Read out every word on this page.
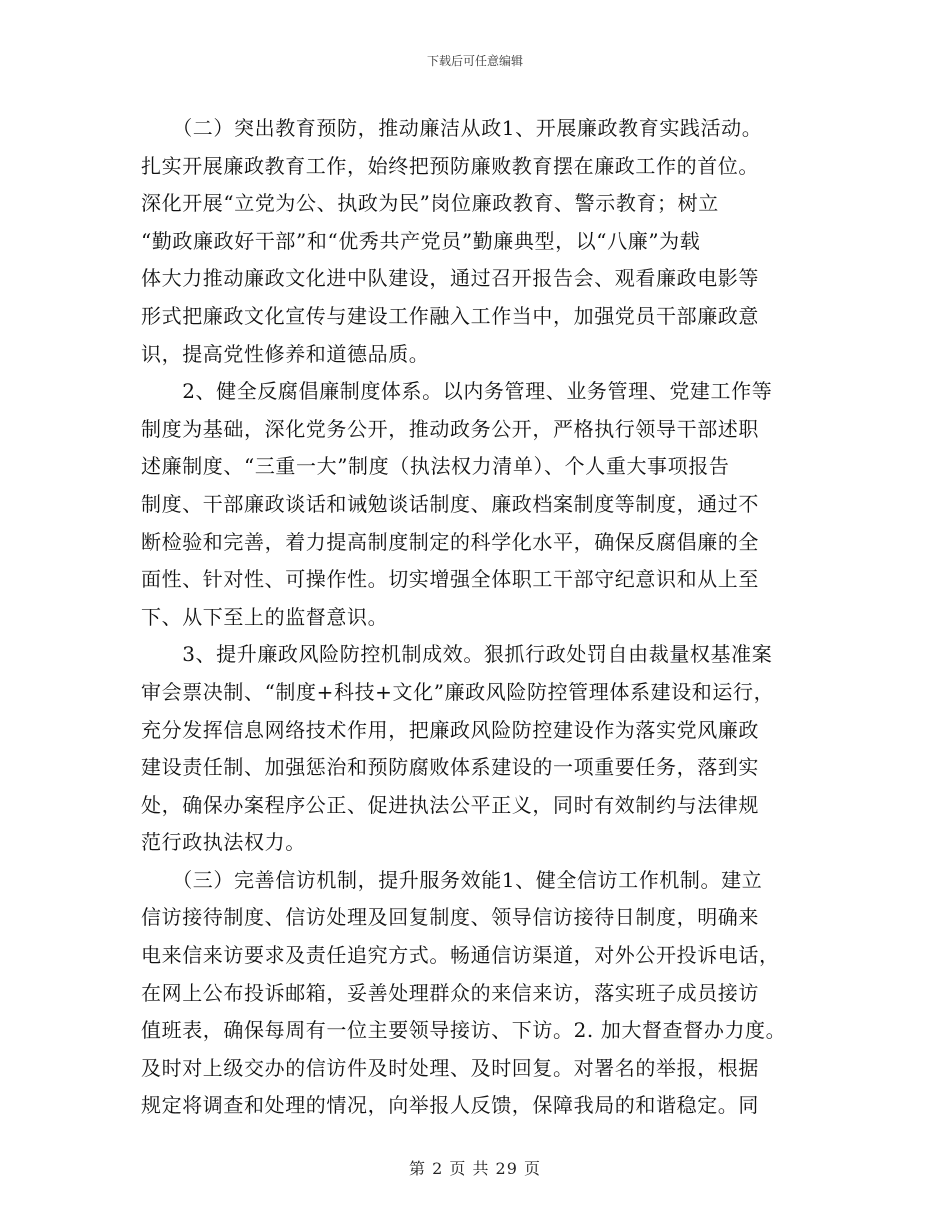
下载后可任意编辑
　　（二）突出教育预防，推动廉洁从政1、开展廉政教育实践活动。
扎实开展廉政教育工作，始终把预防廉败教育摆在廉政工作的首位。
深化开展“立党为公、执政为民”岗位廉政教育、警示教育；树立
“勤政廉政好干部”和“优秀共产党员”勤廉典型，以“八廉”为载
体大力推动廉政文化进中队建设，通过召开报告会、观看廉政电影等
形式把廉政文化宣传与建设工作融入工作当中，加强党员干部廉政意
识，提高党性修养和道德品质。
　　2、健全反腐倡廉制度体系。以内务管理、业务管理、党建工作等
制度为基础，深化党务公开，推动政务公开，严格执行领导干部述职
述廉制度、“三重一大”制度（执法权力清单）、个人重大事项报告
制度、干部廉政谈话和诫勉谈话制度、廉政档案制度等制度，通过不
断检验和完善，着力提高制度制定的科学化水平，确保反腐倡廉的全
面性、针对性、可操作性。切实增强全体职工干部守纪意识和从上至
下、从下至上的监督意识。
　　3、提升廉政风险防控机制成效。狠抓行政处罚自由裁量权基准案
审会票决制、“制度+科技+文化”廉政风险防控管理体系建设和运行，
充分发挥信息网络技术作用，把廉政风险防控建设作为落实党风廉政
建设责任制、加强惩治和预防腐败体系建设的一项重要任务，落到实
处，确保办案程序公正、促进执法公平正义，同时有效制约与法律规
范行政执法权力。
　　（三）完善信访机制，提升服务效能1、健全信访工作机制。建立
信访接待制度、信访处理及回复制度、领导信访接待日制度，明确来
电来信来访要求及责任追究方式。畅通信访渠道，对外公开投诉电话，
在网上公布投诉邮箱，妥善处理群众的来信来访，落实班子成员接访
值班表，确保每周有一位主要领导接访、下访。2. 加大督查督办力度。
及时对上级交办的信访件及时处理、及时回复。对署名的举报，根据
规定将调查和处理的情况，向举报人反馈，保障我局的和谐稳定。同
第 2 页 共 29 页
